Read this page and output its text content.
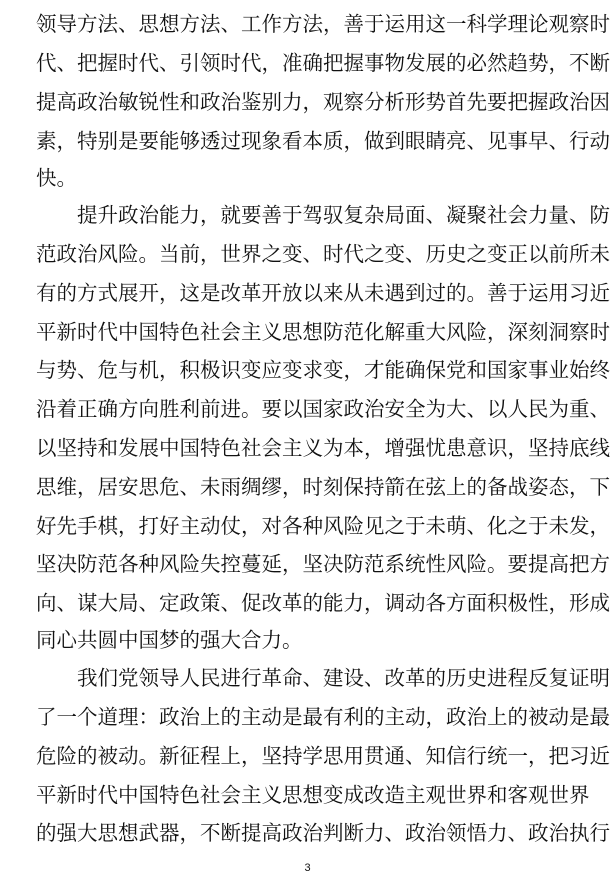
领导方法、思想方法、工作方法，善于运用这一科学理论观察时
代、把握时代、引领时代，准确把握事物发展的必然趋势，不断
提高政治敏锐性和政治鉴别力，观察分析形势首先要把握政治因
素，特别是要能够透过现象看本质，做到眼睛亮、见事早、行动
快。
　　提升政治能力，就要善于驾驭复杂局面、凝聚社会力量、防
范政治风险。当前，世界之变、时代之变、历史之变正以前所未
有的方式展开，这是改革开放以来从未遇到过的。善于运用习近
平新时代中国特色社会主义思想防范化解重大风险，深刻洞察时
与势、危与机，积极识变应变求变，才能确保党和国家事业始终
沿着正确方向胜利前进。要以国家政治安全为大、以人民为重、
以坚持和发展中国特色社会主义为本，增强忧患意识，坚持底线
思维，居安思危、未雨绸缪，时刻保持箭在弦上的备战姿态，下
好先手棋，打好主动仗，对各种风险见之于未萌、化之于未发，
坚决防范各种风险失控蔓延，坚决防范系统性风险。要提高把方
向、谋大局、定政策、促改革的能力，调动各方面积极性，形成
同心共圆中国梦的强大合力。
　　我们党领导人民进行革命、建设、改革的历史进程反复证明
了一个道理：政治上的主动是最有利的主动，政治上的被动是最
危险的被动。新征程上，坚持学思用贯通、知信行统一，把习近
平新时代中国特色社会主义思想变成改造主观世界和客观世界
的强大思想武器，不断提高政治判断力、政治领悟力、政治执行
3
